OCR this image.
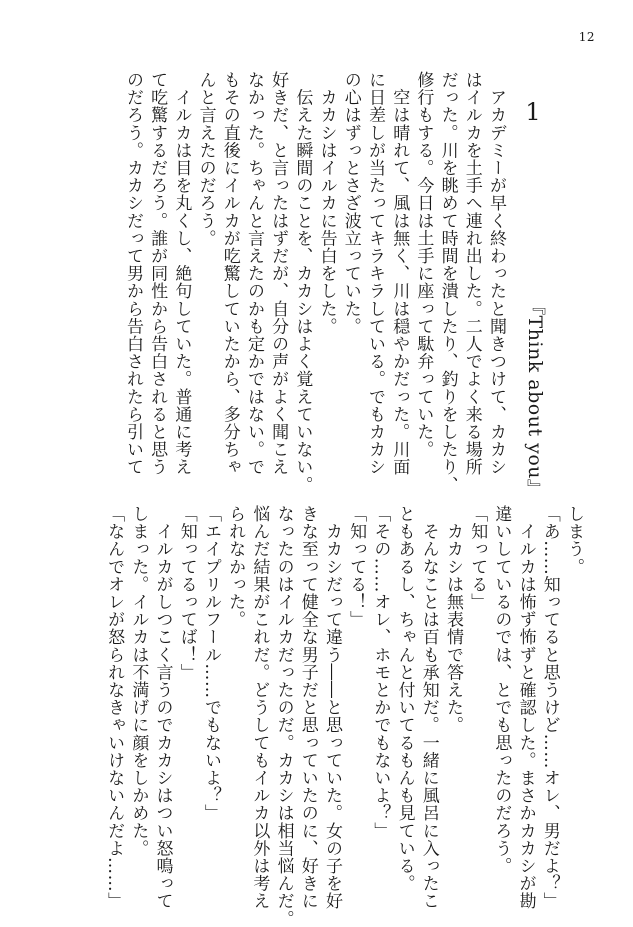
12
1
『Think about you』
　アカデミーが早く終わったと聞きつけて、カカシ
はイルカを土手へ連れ出した。二人でよく来る場所
だった。川を眺めて時間を潰したり、釣りをしたり、
修行もする。今日は土手に座って駄弁っていた。
　空は晴れて、風は無く、川は穏やかだった。川面
に日差しが当たってキラキラしている。でもカカシ
の心はずっとさざ波立っていた。
　カカシはイルカに告白をした。
　伝えた瞬間のことを、カカシはよく覚えていない。
好きだ、と言ったはずだが、自分の声がよく聞こえ
なかった。ちゃんと言えたのかも定かではない。で
もその直後にイルカが吃驚していたから、多分ちゃ
んと言えたのだろう。
　イルカは目を丸くし、絶句していた。普通に考え
て吃驚するだろう。誰が同性から告白されると思う
のだろう。カカシだって男から告白されたら引いて
しまう。
「あ……知ってると思うけど……オレ、男だよ？」
　イルカは怖ず怖ずと確認した。まさかカカシが勘
違いしているのでは、とでも思ったのだろう。
「知ってる」
　カカシは無表情で答えた。
　そんなことは百も承知だ。一緒に風呂に入ったこ
ともあるし、ちゃんと付いてるもんも見ている。
「その……オレ、ホモとかでもないよ？」
「知ってる！」
　カカシだって違う――と思っていた。女の子を好
きな至って健全な男子だと思っていたのに、好きに
なったのはイルカだったのだ。カカシは相当悩んだ。
悩んだ結果がこれだ。どうしてもイルカ以外は考え
られなかった。
「エイプリルフール……でもないよ？」
「知ってるってば！」
　イルカがしつこく言うのでカカシはつい怒鳴って
しまった。イルカは不満げに顔をしかめた。
「なんでオレが怒られなきゃいけないんだよ……」
